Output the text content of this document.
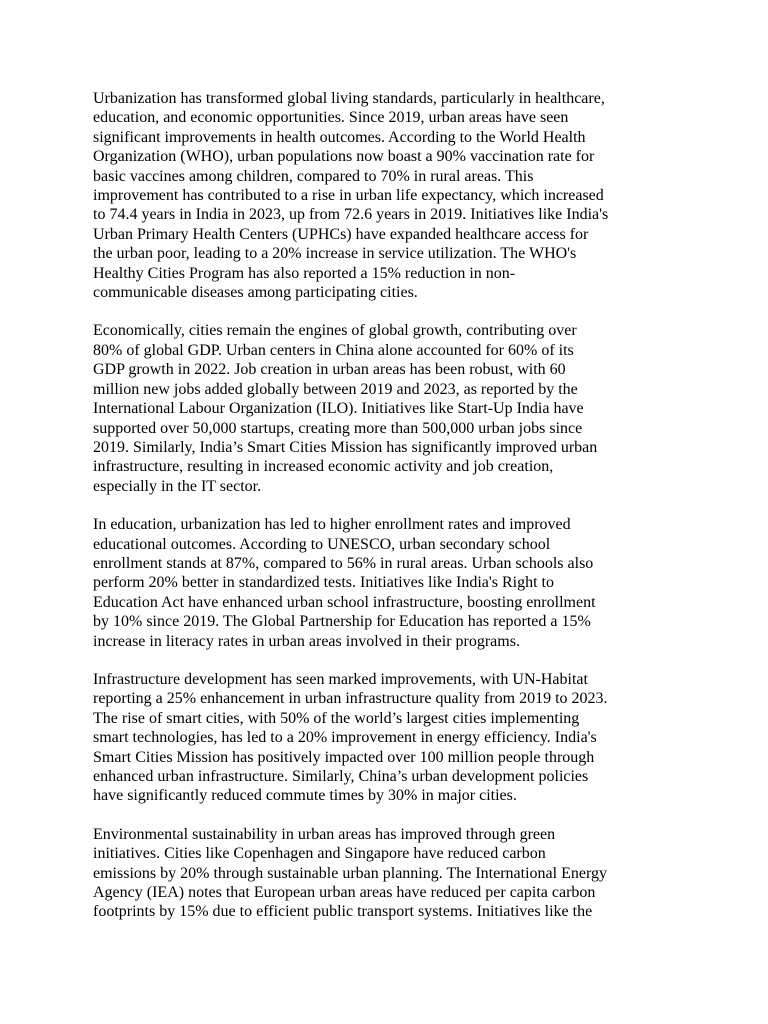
Urbanization has transformed global living standards, particularly in healthcare,
education, and economic opportunities. Since 2019, urban areas have seen
significant improvements in health outcomes. According to the World Health
Organization (WHO), urban populations now boast a 90% vaccination rate for
basic vaccines among children, compared to 70% in rural areas. This
improvement has contributed to a rise in urban life expectancy, which increased
to 74.4 years in India in 2023, up from 72.6 years in 2019. Initiatives like India's
Urban Primary Health Centers (UPHCs) have expanded healthcare access for
the urban poor, leading to a 20% increase in service utilization. The WHO's
Healthy Cities Program has also reported a 15% reduction in non-
communicable diseases among participating cities.

Economically, cities remain the engines of global growth, contributing over
80% of global GDP. Urban centers in China alone accounted for 60% of its
GDP growth in 2022. Job creation in urban areas has been robust, with 60
million new jobs added globally between 2019 and 2023, as reported by the
International Labour Organization (ILO). Initiatives like Start-Up India have
supported over 50,000 startups, creating more than 500,000 urban jobs since
2019. Similarly, India’s Smart Cities Mission has significantly improved urban
infrastructure, resulting in increased economic activity and job creation,
especially in the IT sector.

In education, urbanization has led to higher enrollment rates and improved
educational outcomes. According to UNESCO, urban secondary school
enrollment stands at 87%, compared to 56% in rural areas. Urban schools also
perform 20% better in standardized tests. Initiatives like India's Right to
Education Act have enhanced urban school infrastructure, boosting enrollment
by 10% since 2019. The Global Partnership for Education has reported a 15%
increase in literacy rates in urban areas involved in their programs.

Infrastructure development has seen marked improvements, with UN-Habitat
reporting a 25% enhancement in urban infrastructure quality from 2019 to 2023.
The rise of smart cities, with 50% of the world’s largest cities implementing
smart technologies, has led to a 20% improvement in energy efficiency. India's
Smart Cities Mission has positively impacted over 100 million people through
enhanced urban infrastructure. Similarly, China’s urban development policies
have significantly reduced commute times by 30% in major cities.

Environmental sustainability in urban areas has improved through green
initiatives. Cities like Copenhagen and Singapore have reduced carbon
emissions by 20% through sustainable urban planning. The International Energy
Agency (IEA) notes that European urban areas have reduced per capita carbon
footprints by 15% due to efficient public transport systems. Initiatives like the
